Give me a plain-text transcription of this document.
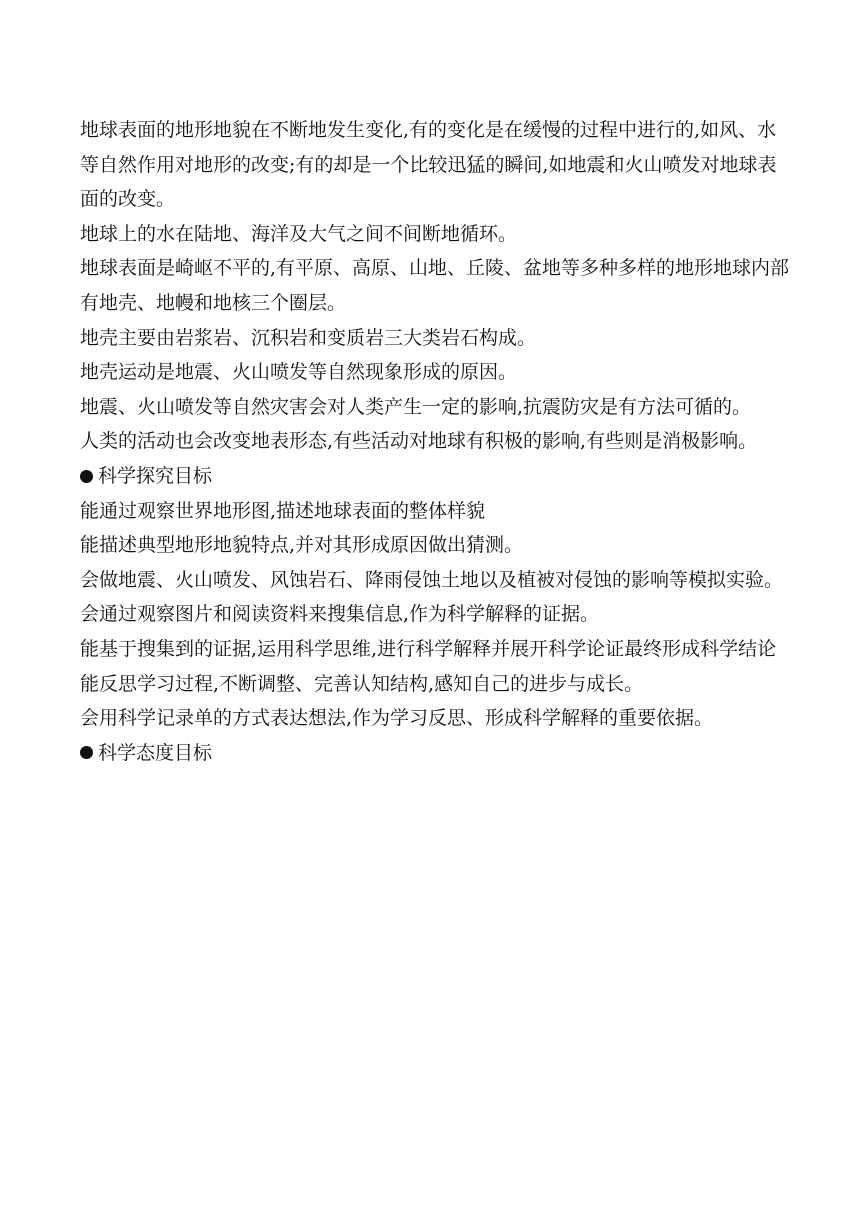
地球表面的地形地貌在不断地发生变化,有的变化是在缓慢的过程中进行的,如风、水等自然作用对地形的改变;有的却是一个比较迅猛的瞬间,如地震和火山喷发对地球表面的改变。

地球上的水在陆地、海洋及大气之间不间断地循环。

地球表面是崎岖不平的,有平原、高原、山地、丘陵、盆地等多种多样的地形地球内部有地壳、地幔和地核三个圈层。

地壳主要由岩浆岩、沉积岩和变质岩三大类岩石构成。

地壳运动是地震、火山喷发等自然现象形成的原因。

地震、火山喷发等自然灾害会对人类产生一定的影响,抗震防灾是有方法可循的。

人类的活动也会改变地表形态,有些活动对地球有积极的影响,有些则是消极影响。

科学探究目标

能通过观察世界地形图,描述地球表面的整体样貌

能描述典型地形地貌特点,并对其形成原因做出猜测。

会做地震、火山喷发、风蚀岩石、降雨侵蚀土地以及植被对侵蚀的影响等模拟实验。

会通过观察图片和阅读资料来搜集信息,作为科学解释的证据。

能基于搜集到的证据,运用科学思维,进行科学解释并展开科学论证最终形成科学结论

能反思学习过程,不断调整、完善认知结构,感知自己的进步与成长。

会用科学记录单的方式表达想法,作为学习反思、形成科学解释的重要依据。

科学态度目标
